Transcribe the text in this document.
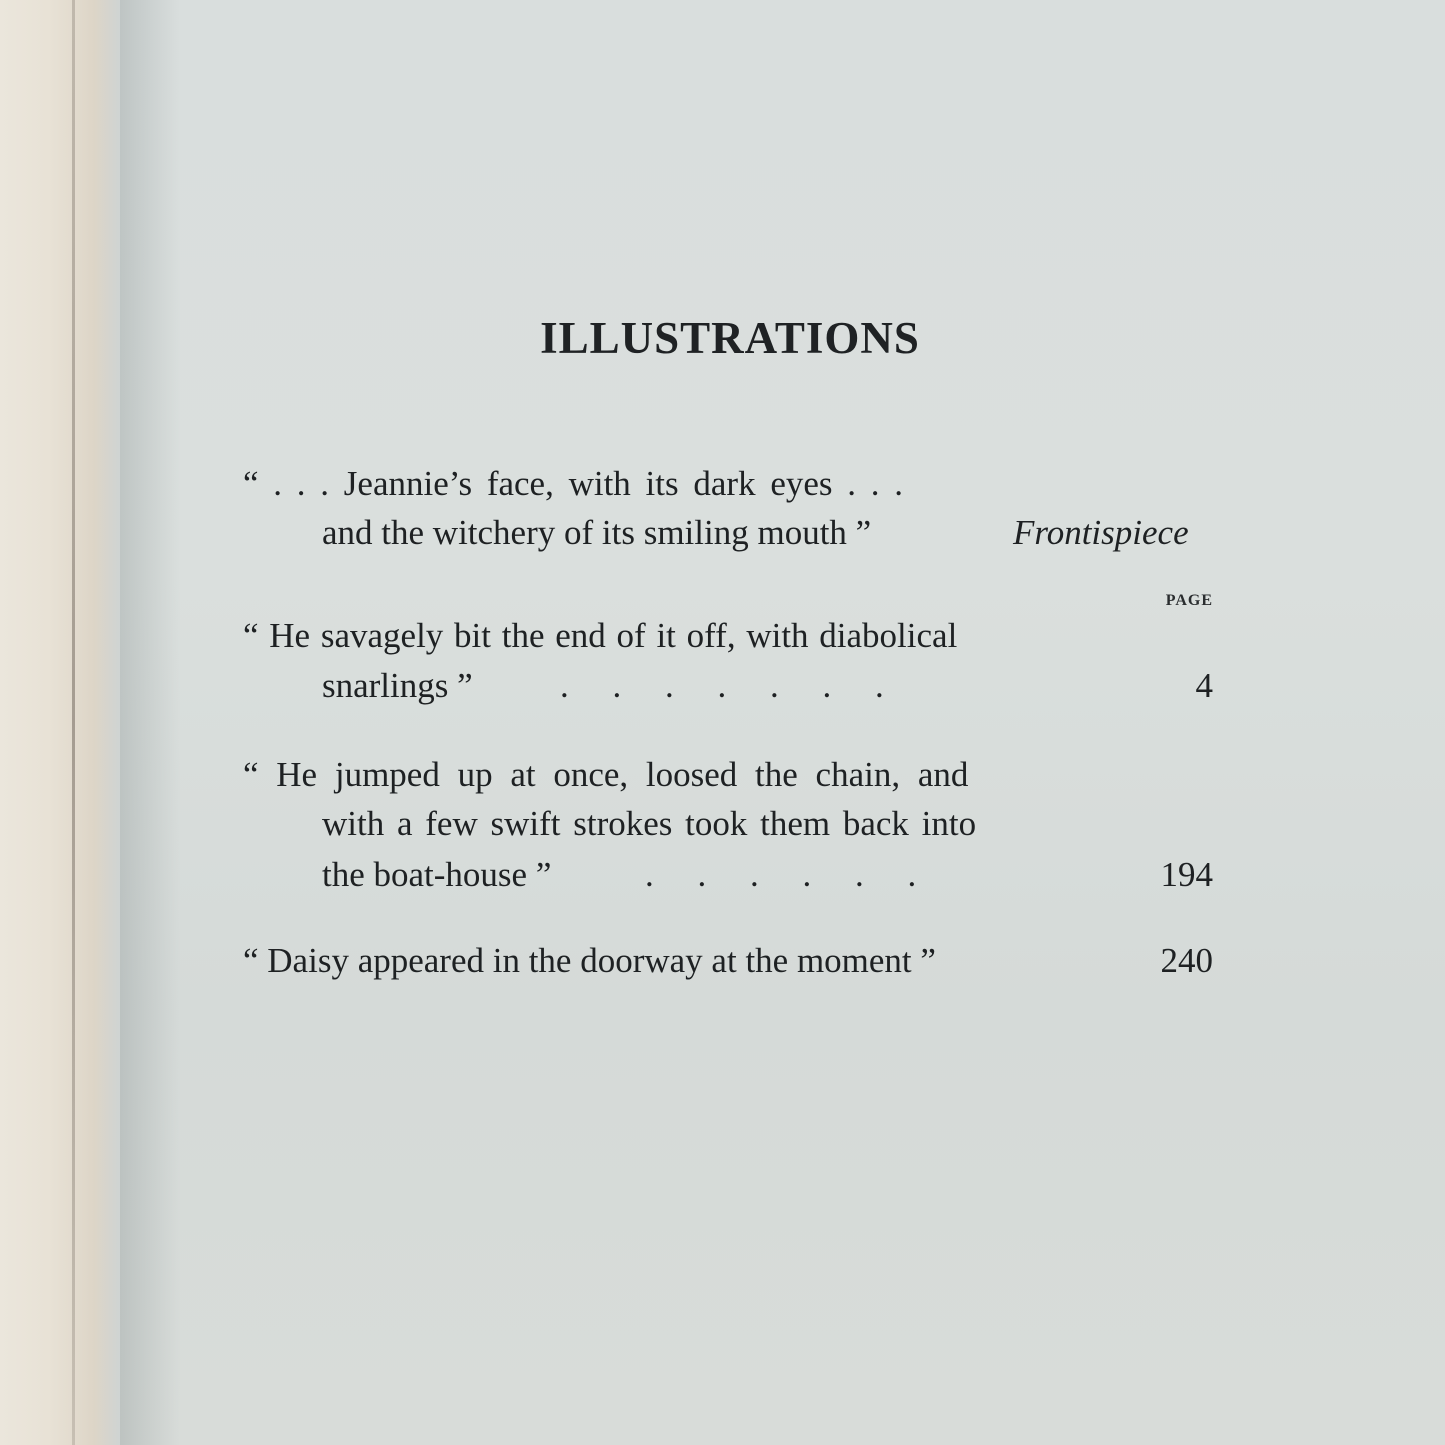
ILLUSTRATIONS
“ . . . Jeannie’s face, with its dark eyes . . .
and the witchery of its smiling mouth ”	Frontispiece
PAGE
“ He savagely bit the end of it off, with diabolical
snarlings ” .     .     .     .     .     .     .	4
“ He jumped up at once, loosed the chain, and
with a few swift strokes took them back into
the boat-house ”	.     .     .     .     .     .	194
“ Daisy appeared in the doorway at the moment ”	240
